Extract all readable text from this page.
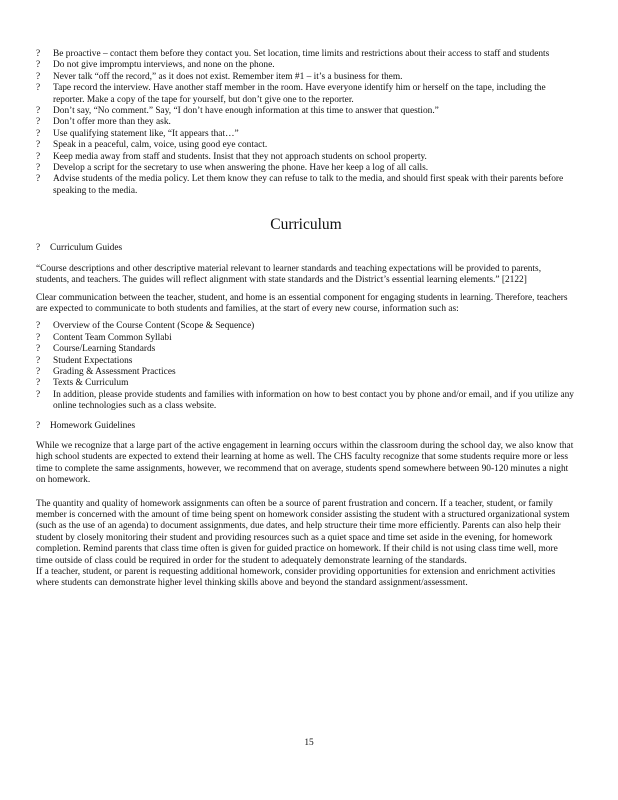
? Be proactive – contact them before they contact you. Set location, time limits and restrictions about their access to staff and students

? Do not give impromptu interviews, and none on the phone.

? Never talk “off the record,” as it does not exist. Remember item #1 – it’s a business for them.

? Tape record the interview. Have another staff member in the room. Have everyone identify him or herself on the tape, including the reporter. Make a copy of the tape for yourself, but don’t give one to the reporter.

? Don’t say, “No comment.” Say, “I don’t have enough information at this time to answer that question.”

? Don’t offer more than they ask.

? Use qualifying statement like, “It appears that…”

? Speak in a peaceful, calm, voice, using good eye contact.

? Keep media away from staff and students. Insist that they not approach students on school property.

? Develop a script for the secretary to use when answering the phone. Have her keep a log of all calls.

? Advise students of the media policy. Let them know they can refuse to talk to the media, and should first speak with their parents before speaking to the media.

Curriculum

? Curriculum Guides

“Course descriptions and other descriptive material relevant to learner standards and teaching expectations will be provided to parents, students, and teachers. The guides will reflect alignment with state standards and the District’s essential learning elements.” [2122]

Clear communication between the teacher, student, and home is an essential component for engaging students in learning. Therefore, teachers are expected to communicate to both students and families, at the start of every new course, information such as:

? Overview of the Course Content (Scope & Sequence)

? Content Team Common Syllabi

? Course/Learning Standards

? Student Expectations

? Grading & Assessment Practices

? Texts & Curriculum

? In addition, please provide students and families with information on how to best contact you by phone and/or email, and if you utilize any online technologies such as a class website.

? Homework Guidelines

While we recognize that a large part of the active engagement in learning occurs within the classroom during the school day, we also know that high school students are expected to extend their learning at home as well. The CHS faculty recognize that some students require more or less time to complete the same assignments, however, we recommend that on average, students spend somewhere between 90-120 minutes a night on homework.

The quantity and quality of homework assignments can often be a source of parent frustration and concern. If a teacher, student, or family member is concerned with the amount of time being spent on homework consider assisting the student with a structured organizational system (such as the use of an agenda) to document assignments, due dates, and help structure their time more efficiently. Parents can also help their student by closely monitoring their student and providing resources such as a quiet space and time set aside in the evening, for homework completion. Remind parents that class time often is given for guided practice on homework. If their child is not using class time well, more time outside of class could be required in order for the student to adequately demonstrate learning of the standards.

If a teacher, student, or parent is requesting additional homework, consider providing opportunities for extension and enrichment activities where students can demonstrate higher level thinking skills above and beyond the standard assignment/assessment.

15
